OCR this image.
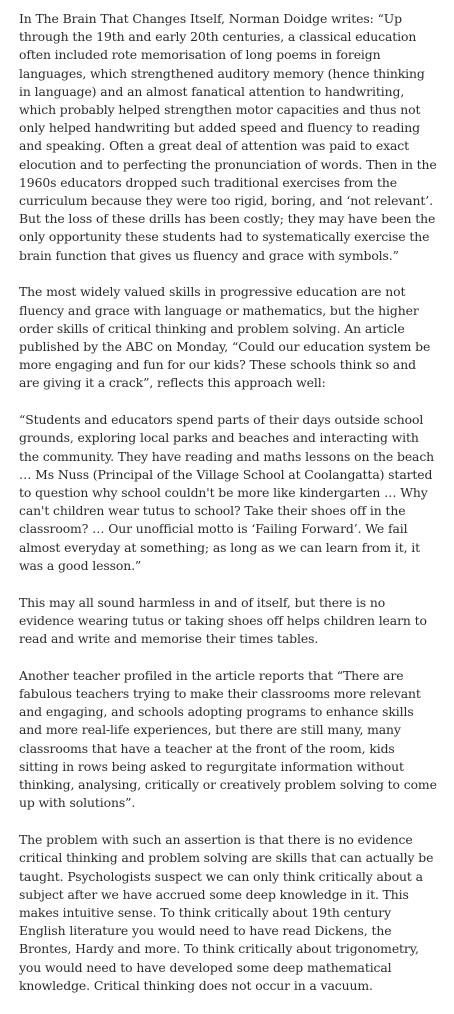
In The Brain That Changes Itself, Norman Doidge writes: “Up through the 19th and early 20th centuries, a classical education often included rote memorisation of long poems in foreign languages, which strengthened auditory memory (hence thinking in language) and an almost fanatical attention to handwriting, which probably helped strengthen motor capacities and thus not only helped handwriting but added speed and fluency to reading and speaking. Often a great deal of attention was paid to exact elocution and to perfecting the pronunciation of words. Then in the 1960s educators dropped such traditional exercises from the curriculum because they were too rigid, boring, and ‘not relevant’. But the loss of these drills has been costly; they may have been the only opportunity these students had to systematically exercise the brain function that gives us fluency and grace with symbols.”

The most widely valued skills in progressive education are not fluency and grace with language or mathematics, but the higher order skills of critical thinking and problem solving. An article published by the ABC on Monday, “Could our education system be more engaging and fun for our kids? These schools think so and are giving it a crack”, reflects this approach well:

“Students and educators spend parts of their days outside school grounds, exploring local parks and beaches and interacting with the community. They have reading and maths lessons on the beach … Ms Nuss (Principal of the Village School at Coolangatta) started to question why school couldn't be more like kindergarten … Why can't children wear tutus to school? Take their shoes off in the classroom? … Our unofficial motto is ‘Failing Forward’. We fail almost everyday at something; as long as we can learn from it, it was a good lesson.”

This may all sound harmless in and of itself, but there is no evidence wearing tutus or taking shoes off helps children learn to read and write and memorise their times tables.

Another teacher profiled in the article reports that “There are fabulous teachers trying to make their classrooms more relevant and engaging, and schools adopting programs to enhance skills and more real-life experiences, but there are still many, many classrooms that have a teacher at the front of the room, kids sitting in rows being asked to regurgitate information without thinking, analysing, critically or creatively problem solving to come up with solutions”.

The problem with such an assertion is that there is no evidence critical thinking and problem solving are skills that can actually be taught. Psychologists suspect we can only think critically about a subject after we have accrued some deep knowledge in it. This makes intuitive sense. To think critically about 19th century English literature you would need to have read Dickens, the Brontes, Hardy and more. To think critically about trigonometry, you would need to have developed some deep mathematical knowledge. Critical thinking does not occur in a vacuum.
